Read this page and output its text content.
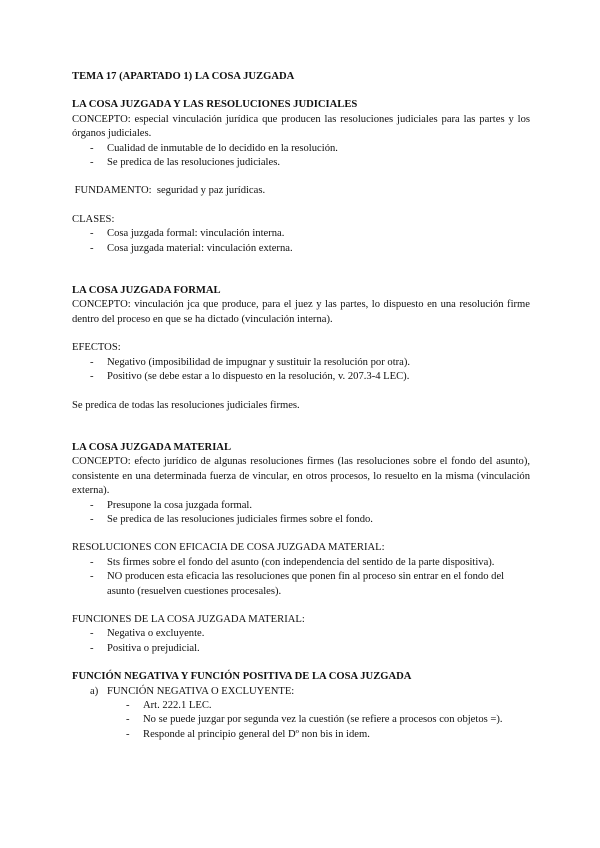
TEMA 17 (APARTADO 1) LA COSA JUZGADA

LA COSA JUZGADA Y LAS RESOLUCIONES JUDICIALES

CONCEPTO: especial vinculación jurídica que producen las resoluciones judiciales para las partes y los órganos judiciales.

- Cualidad de inmutable de lo decidido en la resolución.
- Se predica de las resoluciones judiciales.

FUNDAMENTO:  seguridad y paz jurídicas.

CLASES:

- Cosa juzgada formal: vinculación interna.
- Cosa juzgada material: vinculación externa.

LA COSA JUZGADA FORMAL

CONCEPTO: vinculación jca que produce, para el juez y las partes, lo dispuesto en una resolución firme dentro del proceso en que se ha dictado (vinculación interna).

EFECTOS:

- Negativo (imposibilidad de impugnar y sustituir la resolución por otra).
- Positivo (se debe estar a lo dispuesto en la resolución, v. 207.3-4 LEC).

Se predica de todas las resoluciones judiciales firmes.

LA COSA JUZGADA MATERIAL

CONCEPTO: efecto jurídico de algunas resoluciones firmes (las resoluciones sobre el fondo del asunto), consistente en una determinada fuerza de vincular, en otros procesos, lo resuelto en la misma (vinculación externa).

- Presupone la cosa juzgada formal.
- Se predica de las resoluciones judiciales firmes sobre el fondo.

RESOLUCIONES CON EFICACIA DE COSA JUZGADA MATERIAL:

- Sts firmes sobre el fondo del asunto (con independencia del sentido de la parte dispositiva).
- NO producen esta eficacia las resoluciones que ponen fin al proceso sin entrar en el fondo del asunto (resuelven cuestiones procesales).

FUNCIONES DE LA COSA JUZGADA MATERIAL:

- Negativa o excluyente.
- Positiva o prejudicial.

FUNCIÓN NEGATIVA Y FUNCIÓN POSITIVA DE LA COSA JUZGADA

a) FUNCIÓN NEGATIVA O EXCLUYENTE:
- Art. 222.1 LEC.
- No se puede juzgar por segunda vez la cuestión (se refiere a procesos con objetos =).
- Responde al principio general del Dº non bis in idem.
